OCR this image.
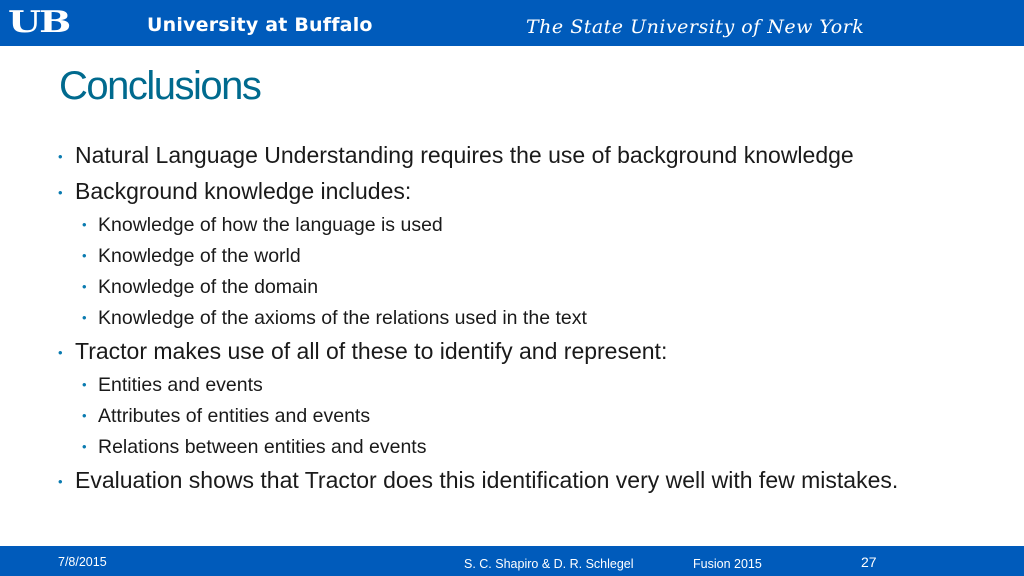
UB	University at Buffalo	The State University of New York
Conclusions
• Natural Language Understanding requires the use of background knowledge
• Background knowledge includes:
• Knowledge of how the language is used
• Knowledge of the world
• Knowledge of the domain
• Knowledge of the axioms of the relations used in the text
• Tractor makes use of all of these to identify and represent:
• Entities and events
• Attributes of entities and events
• Relations between entities and events
• Evaluation shows that Tractor does this identification very well with few mistakes.
7/8/2015	S. C. Shapiro & D. R. Schlegel	Fusion 2015	27
